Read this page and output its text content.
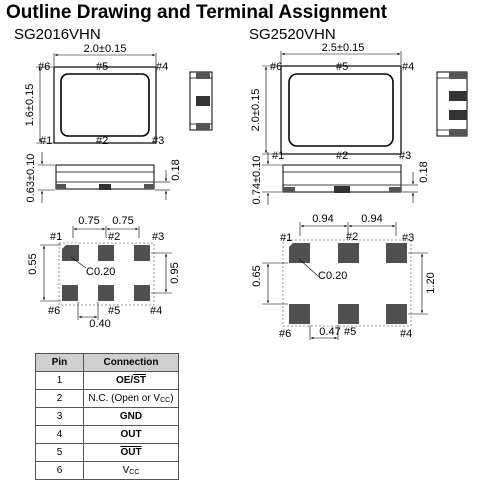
Outline Drawing and Terminal Assignment
SG2016VHN	SG2520VHN
2.0±0.15
1.6±0.15
#6	#5	#4
#1	#2	#3
0.63±0.10	0.18
0.75 0.75
#1	#2	#3
#6	#5	#4
C0.20
0.55	0.95
0.40
2.5±0.15
2.0±0.15
#6	#5	#4
#1	#2	#3
0.74±0.10	0.18
0.94	0.94
#1	#2	#3
#6	#5	#4
C0.20
0.65	1.20
0.47
Pin	Connection
1	$OE/\overline{ST}$
2	N.C. (Open or VCC)
3	GND
4	OUT
5	$\overline{OUT}$
6	VCC
